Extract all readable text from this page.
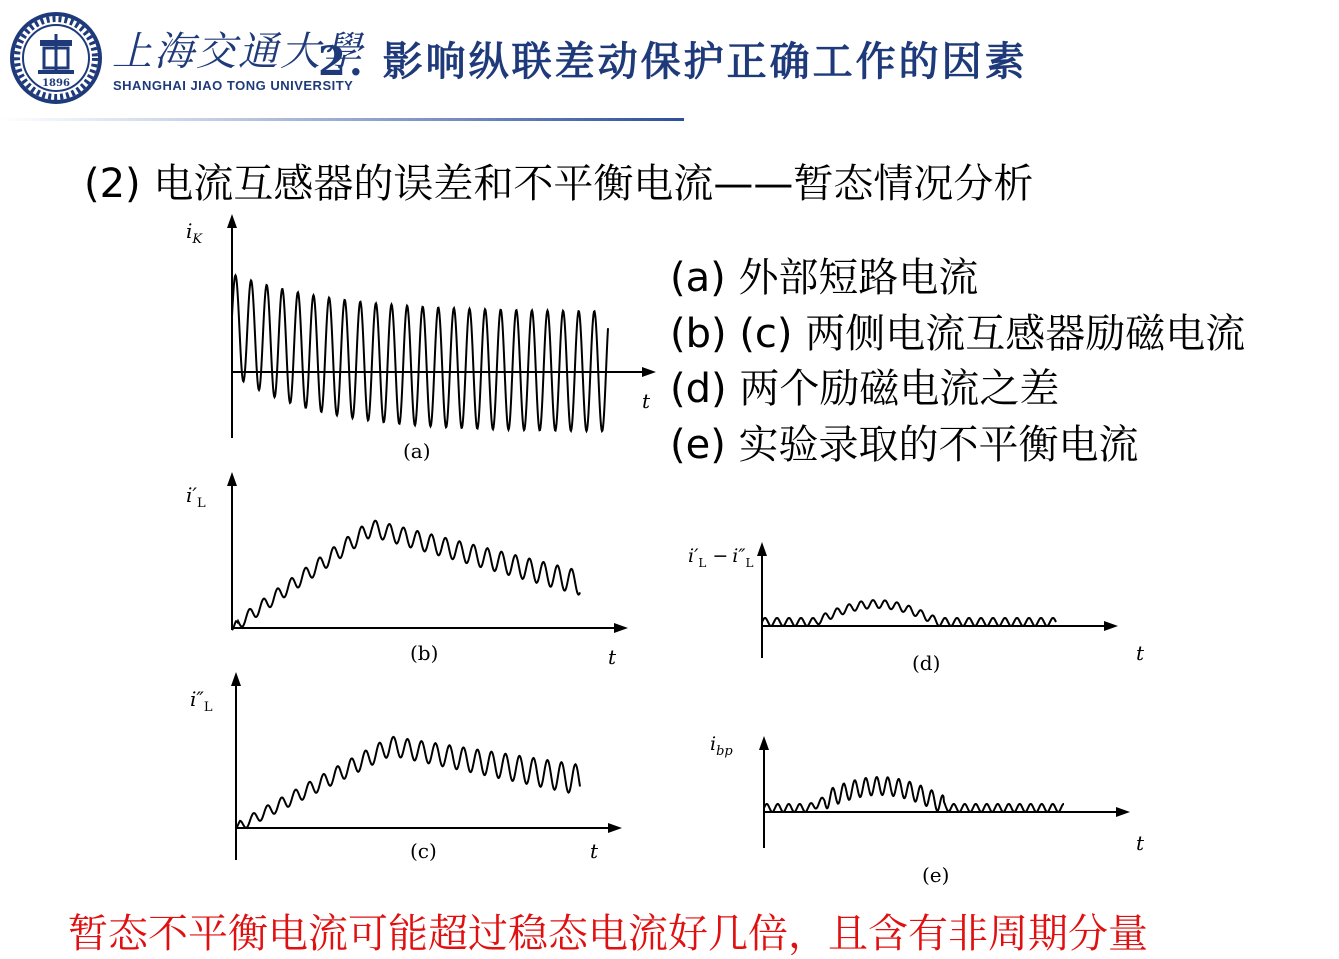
1896
上海交通大學
SHANGHAI JIAO TONG UNIVERSITY
2. 影响纵联差动保护正确工作的因素
(2) 电流互感器的误差和不平衡电流——暂态情况分析
(a) 外部短路电流
(b) (c) 两侧电流互感器励磁电流
(d) 两个励磁电流之差
(e) 实验录取的不平衡电流
$i_K$
t
(a)
$i'_L$
t
(b)
$i''_L$
t
(c)
$i'_L - i''_L$
t
(d)
$i_{bp}$
t
(e)
暂态不平衡电流可能超过稳态电流好几倍，且含有非周期分量
